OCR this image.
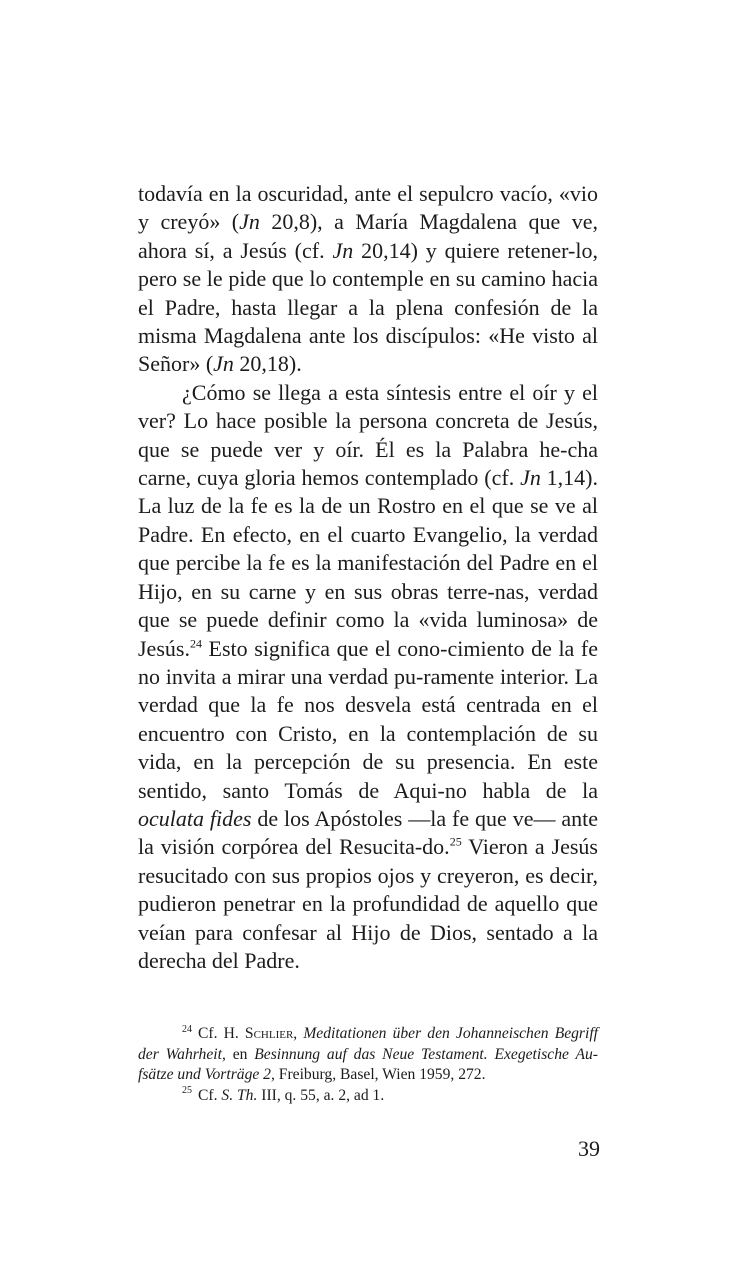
todavía en la oscuridad, ante el sepulcro vacío, «vio y creyó» (Jn 20,8), a María Magdalena que ve, ahora sí, a Jesús (cf. Jn 20,14) y quiere retener-lo, pero se le pide que lo contemple en su camino hacia el Padre, hasta llegar a la plena confesión de la misma Magdalena ante los discípulos: «He visto al Señor» (Jn 20,18).

¿Cómo se llega a esta síntesis entre el oír y el ver? Lo hace posible la persona concreta de Jesús, que se puede ver y oír. Él es la Palabra he-cha carne, cuya gloria hemos contemplado (cf. Jn 1,14). La luz de la fe es la de un Rostro en el que se ve al Padre. En efecto, en el cuarto Evangelio, la verdad que percibe la fe es la manifestación del Padre en el Hijo, en su carne y en sus obras terre-nas, verdad que se puede definir como la «vida luminosa» de Jesús.$^{24}$ Esto significa que el cono-cimiento de la fe no invita a mirar una verdad pu-ramente interior. La verdad que la fe nos desvela está centrada en el encuentro con Cristo, en la contemplación de su vida, en la percepción de su presencia. En este sentido, santo Tomás de Aqui-no habla de la oculata fides de los Apóstoles —la fe que ve— ante la visión corpórea del Resucita-do.$^{25}$ Vieron a Jesús resucitado con sus propios ojos y creyeron, es decir, pudieron penetrar en la profundidad de aquello que veían para confesar al Hijo de Dios, sentado a la derecha del Padre.

$^{24}$ Cf. H. Schlier, Meditationen über den Johanneischen Begriff der Wahrheit, en Besinnung auf das Neue Testament. Exegetische Au-fsätze und Vorträge 2, Freiburg, Basel, Wien 1959, 272.

$^{25}$ Cf. S. Th. III, q. 55, a. 2, ad 1.

39
